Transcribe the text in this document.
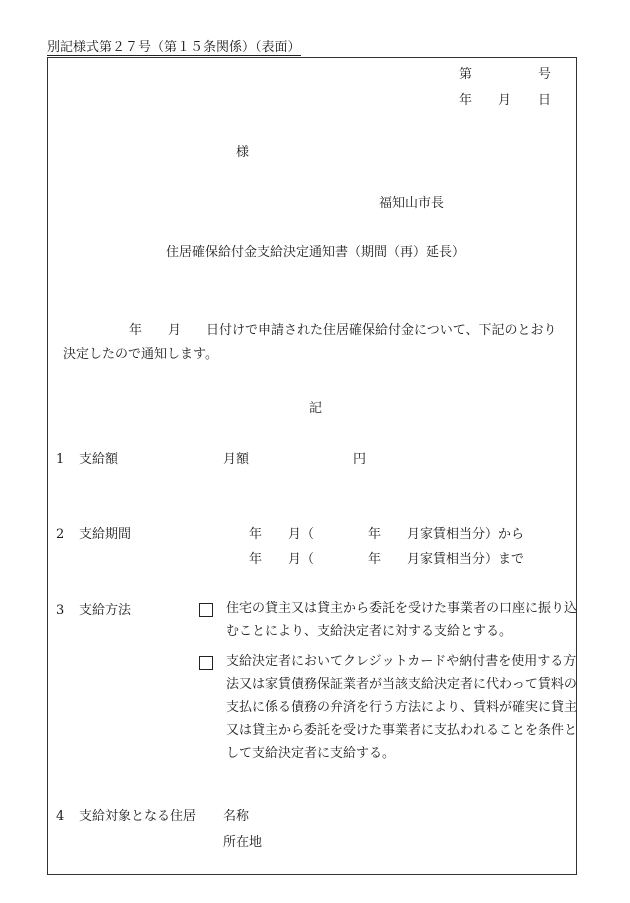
別記様式第２７号（第１５条関係）（表面）
第	号
年 月 日
様
福知山市長
住居確保給付金支給決定通知書（期間（再）延長）
年 月 日付けで申請された住居確保給付金について、下記のとおり
決定したので通知します。
記
1 支給額	月額	円
2 支給期間	年 月（	年 月家賃相当分）から
年 月（	年 月家賃相当分）まで
3 支給方法	住宅の貸主又は貸主から委託を受けた事業者の口座に振り込むことにより、支給決定者に対する支給とする。
支給決定者においてクレジットカードや納付書を使用する方法又は家賃債務保証業者が当該支給決定者に代わって賃料の支払に係る債務の弁済を行う方法により、賃料が確実に貸主又は貸主から委託を受けた事業者に支払われることを条件として支給決定者に支給する。
4 支給対象となる住居 名称
所在地
